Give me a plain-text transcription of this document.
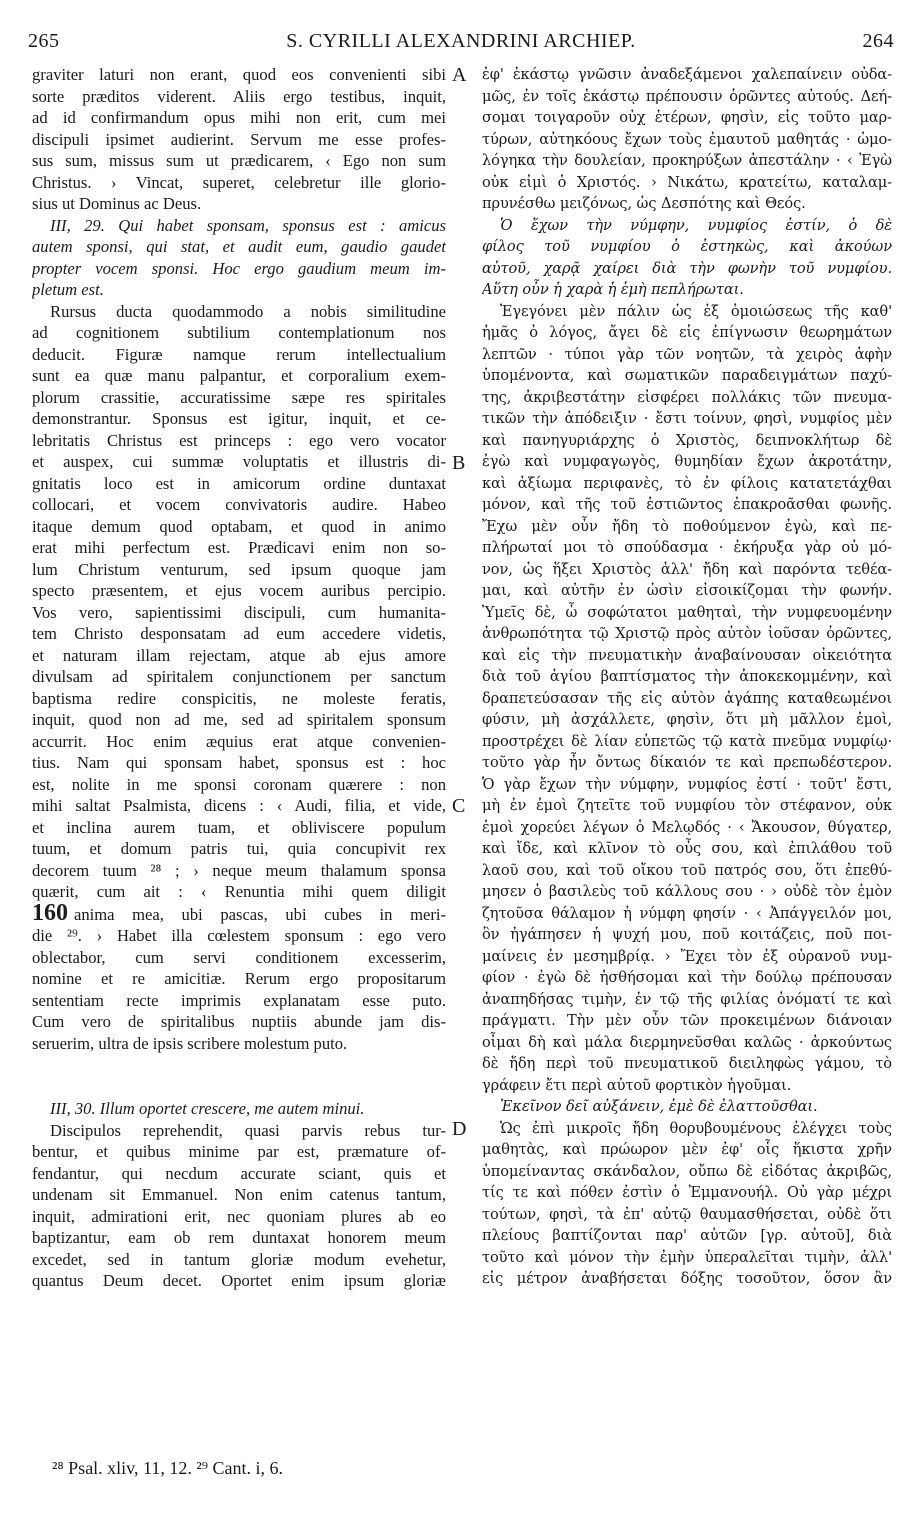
265	S. CYRILLI ALEXANDRINI ARCHIEP.	264
A
B
C
D
graviter laturi non erant, quod eos convenienti sibi
sorte præditos viderent. Aliis ergo testibus, inquit,
ad id confirmandum opus mihi non erit, cum mei
discipuli ipsimet audierint. Servum me esse profes-
sus sum, missus sum ut prædicarem, ‹ Ego non sum
Christus. › Vincat, superet, celebretur ille glorio-
sius ut Dominus ac Deus.
III, 29. Qui habet sponsam, sponsus est : amicus
autem sponsi, qui stat, et audit eum, gaudio gaudet
propter vocem sponsi. Hoc ergo gaudium meum im-
pletum est.
Rursus ducta quodammodo a nobis similitudine
ad cognitionem subtilium contemplationum nos
deducit. Figuræ namque rerum intellectualium
sunt ea quæ manu palpantur, et corporalium exem-
plorum crassitie, accuratissime sæpe res spiritales
demonstrantur. Sponsus est igitur, inquit, et ce-
lebritatis Christus est princeps : ego vero vocator
et auspex, cui summæ voluptatis et illustris di-
gnitatis loco est in amicorum ordine duntaxat
collocari, et vocem convivatoris audire. Habeo
itaque demum quod optabam, et quod in animo
erat mihi perfectum est. Prædicavi enim non so-
lum Christum venturum, sed ipsum quoque jam
specto præsentem, et ejus vocem auribus percipio.
Vos vero, sapientissimi discipuli, cum humanita-
tem Christo desponsatam ad eum accedere videtis,
et naturam illam rejectam, atque ab ejus amore
divulsam ad spiritalem conjunctionem per sanctum
baptisma redire conspicitis, ne moleste feratis,
inquit, quod non ad me, sed ad spiritalem sponsum
accurrit. Hoc enim æquius erat atque convenien-
tius. Nam qui sponsam habet, sponsus est : hoc
est, nolite in me sponsi coronam quærere : non
mihi saltat Psalmista, dicens : ‹ Audi, filia, et vide,
et inclina aurem tuam, et obliviscere populum
tuum, et domum patris tui, quia concupivit rex
decorem tuum ²⁸ ; › neque meum thalamum sponsa
quærit, cum ait : ‹ Renuntia mihi quem diligit
160 anima mea, ubi pascas, ubi cubes in meri-
die ²⁹. › Habet illa cœlestem sponsum : ego vero
oblectabor, cum servi conditionem excesserim,
nomine et re amicitiæ. Rerum ergo propositarum
sententiam recte imprimis explanatam esse puto.
Cum vero de spiritalibus nuptiis abunde jam dis-
seruerim, ultra de ipsis scribere molestum puto.
III, 30. Illum oportet crescere, me autem minui.
Discipulos reprehendit, quasi parvis rebus tur-
bentur, et quibus minime par est, præmature of-
fendantur, qui necdum accurate sciant, quis et
undenam sit Emmanuel. Non enim catenus tantum,
inquit, admirationi erit, nec quoniam plures ab eo
baptizantur, eam ob rem duntaxat honorem meum
excedet, sed in tantum gloriæ modum evehetur,
quantus Deum decet. Oportet enim ipsum gloriæ
ἐφ' ἑκάστῳ γνῶσιν ἀναδεξάμενοι χαλεπαίνειν οὐδα-
μῶς, ἐν τοῖς ἑκάστῳ πρέπουσιν ὁρῶντες αὐτούς. Δεή-
σομαι τοιγαροῦν οὐχ ἑτέρων, φησὶν, εἰς τοῦτο μαρ-
τύρων, αὐτηκόους ἔχων τοὺς ἐμαυτοῦ μαθητάς · ὡμο-
λόγηκα τὴν δουλείαν, προκηρύξων ἀπεστάλην · ‹ Ἐγὼ
οὐκ εἰμὶ ὁ Χριστός. › Νικάτω, κρατείτω, καταλαμ-
πρυνέσθω μειζόνως, ὡς Δεσπότης καὶ Θεός.
Ὁ ἔχων τὴν νύμφην, νυμφίος ἐστίν, ὁ δὲ
φίλος τοῦ νυμφίου ὁ ἑστηκὼς, καὶ ἀκούων
αὐτοῦ, χαρᾷ χαίρει διὰ τὴν φωνὴν τοῦ νυμφίου.
Αὕτη οὖν ἡ χαρὰ ἡ ἐμὴ πεπλήρωται.
Ἐγεγόνει μὲν πάλιν ὡς ἐξ ὁμοιώσεως τῆς καθ'
ἡμᾶς ὁ λόγος, ἄγει δὲ εἰς ἐπίγνωσιν θεωρημάτων
λεπτῶν · τύποι γὰρ τῶν νοητῶν, τὰ χειρὸς ἁφὴν
ὑπομένοντα, καὶ σωματικῶν παραδειγμάτων παχύ-
της, ἀκριβεστάτην εἰσφέρει πολλάκις τῶν πνευμα-
τικῶν τὴν ἀπόδειξιν · ἔστι τοίνυν, φησὶ, νυμφίος μὲν
καὶ πανηγυριάρχης ὁ Χριστὸς, δειπνοκλήτωρ δὲ
ἐγὼ καὶ νυμφαγωγὸς, θυμηδίαν ἔχων ἀκροτάτην,
καὶ ἀξίωμα περιφανὲς, τὸ ἐν φίλοις κατατετάχθαι
μόνον, καὶ τῆς τοῦ ἑστιῶντος ἐπακροᾶσθαι φωνῆς.
Ἔχω μὲν οὖν ἤδη τὸ ποθούμενον ἐγὼ, καὶ πε-
πλήρωταί μοι τὸ σπούδασμα · ἐκήρυξα γὰρ οὐ μό-
νον, ὡς ἥξει Χριστὸς ἀλλ' ἤδη καὶ παρόντα τεθέα-
μαι, καὶ αὐτῆν ἐν ὠσὶν εἰσοικίζομαι τὴν φωνήν.
Ὑμεῖς δὲ, ὦ σοφώτατοι μαθηταὶ, τὴν νυμφευομένην
ἀνθρωπότητα τῷ Χριστῷ πρὸς αὐτὸν ἰοῦσαν ὁρῶντες,
καὶ εἰς τὴν πνευματικὴν ἀναβαίνουσαν οἰκειότητα
διὰ τοῦ ἁγίου βαπτίσματος τὴν ἀποκεκομμένην, καὶ
δραπετεύσασαν τῆς εἰς αὐτὸν ἀγάπης καταθεωμένοι
φύσιν, μὴ ἀσχάλλετε, φησὶν, ὅτι μὴ μᾶλλον ἐμοὶ,
προστρέχει δὲ λίαν εὐπετῶς τῷ κατὰ πνεῦμα νυμφίῳ·
τοῦτο γὰρ ἦν ὄντως δίκαιόν τε καὶ πρεπωδέστερον.
Ὁ γὰρ ἔχων τὴν νύμφην, νυμφίος ἐστί · τοῦτ' ἔστι,
μὴ ἐν ἐμοὶ ζητεῖτε τοῦ νυμφίου τὸν στέφανον, οὐκ
ἐμοὶ χορεύει λέγων ὁ Μελῳδός · ‹ Ἄκουσον, θύγατερ,
καὶ ἴδε, καὶ κλῖνον τὸ οὖς σου, καὶ ἐπιλάθου τοῦ
λαοῦ σου, καὶ τοῦ οἴκου τοῦ πατρός σου, ὅτι ἐπεθύ-
μησεν ὁ βασιλεὺς τοῦ κάλλους σου · › οὐδὲ τὸν ἐμὸν
ζητοῦσα θάλαμον ἡ νύμφη φησίν · ‹ Ἀπάγγειλόν μοι,
ὃν ἠγάπησεν ἡ ψυχή μου, ποῦ κοιτάζεις, ποῦ ποι-
μαίνεις ἐν μεσημβρίᾳ. › Ἔχει τὸν ἐξ οὐρανοῦ νυμ-
φίον · ἐγὼ δὲ ἡσθήσομαι καὶ τὴν δούλῳ πρέπουσαν
ἀναπηδήσας τιμὴν, ἐν τῷ τῆς φιλίας ὀνόματί τε καὶ
πράγματι. Τὴν μὲν οὖν τῶν προκειμένων διάνοιαν
οἶμαι δὴ καὶ μάλα διερμηνεῦσθαι καλῶς · ἀρκούντως
δὲ ἤδη περὶ τοῦ πνευματικοῦ διειληφὼς γάμου, τὸ
γράφειν ἔτι περὶ αὐτοῦ φορτικὸν ἡγοῦμαι.
Ἐκεῖνον δεῖ αὐξάνειν, ἐμὲ δὲ ἐλαττοῦσθαι.
Ὡς ἐπὶ μικροῖς ἤδη θορυβουμένους ἐλέγχει τοὺς
μαθητὰς, καὶ πρώωρον μὲν ἐφ' οἷς ἥκιστα χρῆν
ὑπομείναντας σκάνδαλον, οὔπω δὲ εἰδότας ἀκριβῶς,
τίς τε καὶ πόθεν ἐστὶν ὁ Ἐμμανουήλ. Οὐ γὰρ μέχρι
τούτων, φησὶ, τὰ ἐπ' αὐτῷ θαυμασθήσεται, οὐδὲ ὅτι
πλείους βαπτίζονται παρ' αὐτῶν [γρ. αὐτοῦ], διὰ
τοῦτο καὶ μόνον τὴν ἐμὴν ὑπεραλεῖται τιμὴν, ἀλλ'
εἰς μέτρον ἀναβήσεται δόξης τοσοῦτον, ὅσον ἂν
²⁸ Psal. xliv, 11, 12. ²⁹ Cant. i, 6.
